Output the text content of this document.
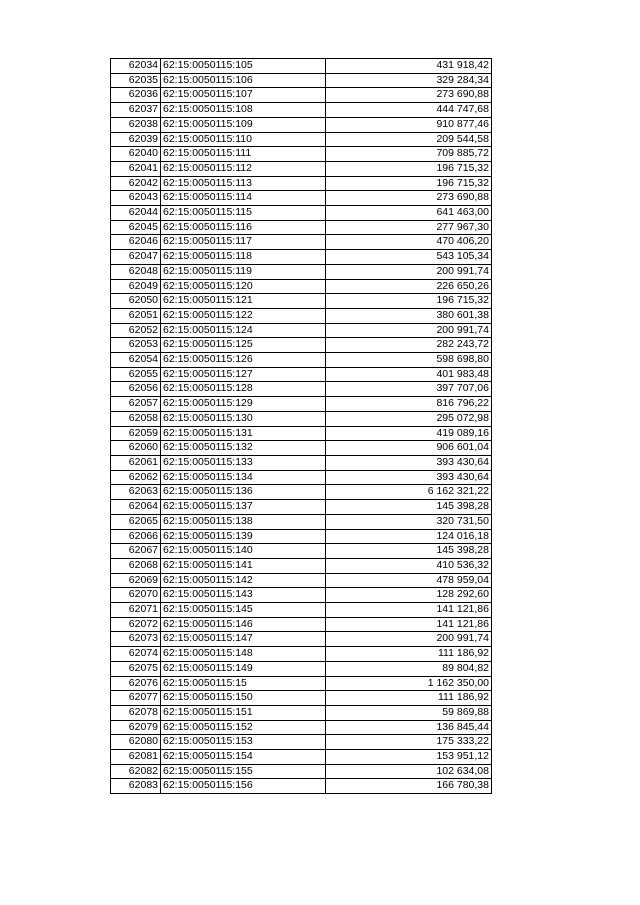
62034	62:15:0050115:105	431 918,42
62035	62:15:0050115:106	329 284,34
62036	62:15:0050115:107	273 690,88
62037	62:15:0050115:108	444 747,68
62038	62:15:0050115:109	910 877,46
62039	62:15:0050115:110	209 544,58
62040	62:15:0050115:111	709 885,72
62041	62:15:0050115:112	196 715,32
62042	62:15:0050115:113	196 715,32
62043	62:15:0050115:114	273 690,88
62044	62:15:0050115:115	641 463,00
62045	62:15:0050115:116	277 967,30
62046	62:15:0050115:117	470 406,20
62047	62:15:0050115:118	543 105,34
62048	62:15:0050115:119	200 991,74
62049	62:15:0050115:120	226 650,26
62050	62:15:0050115:121	196 715,32
62051	62:15:0050115:122	380 601,38
62052	62:15:0050115:124	200 991,74
62053	62:15:0050115:125	282 243,72
62054	62:15:0050115:126	598 698,80
62055	62:15:0050115:127	401 983,48
62056	62:15:0050115:128	397 707,06
62057	62:15:0050115:129	816 796,22
62058	62:15:0050115:130	295 072,98
62059	62:15:0050115:131	419 089,16
62060	62:15:0050115:132	906 601,04
62061	62:15:0050115:133	393 430,64
62062	62:15:0050115:134	393 430,64
62063	62:15:0050115:136	6 162 321,22
62064	62:15:0050115:137	145 398,28
62065	62:15:0050115:138	320 731,50
62066	62:15:0050115:139	124 016,18
62067	62:15:0050115:140	145 398,28
62068	62:15:0050115:141	410 536,32
62069	62:15:0050115:142	478 959,04
62070	62:15:0050115:143	128 292,60
62071	62:15:0050115:145	141 121,86
62072	62:15:0050115:146	141 121,86
62073	62:15:0050115:147	200 991,74
62074	62:15:0050115:148	111 186,92
62075	62:15:0050115:149	89 804,82
62076	62:15:0050115:15	1 162 350,00
62077	62:15:0050115:150	111 186,92
62078	62:15:0050115:151	59 869,88
62079	62:15:0050115:152	136 845,44
62080	62:15:0050115:153	175 333,22
62081	62:15:0050115:154	153 951,12
62082	62:15:0050115:155	102 634,08
62083	62:15:0050115:156	166 780,38
